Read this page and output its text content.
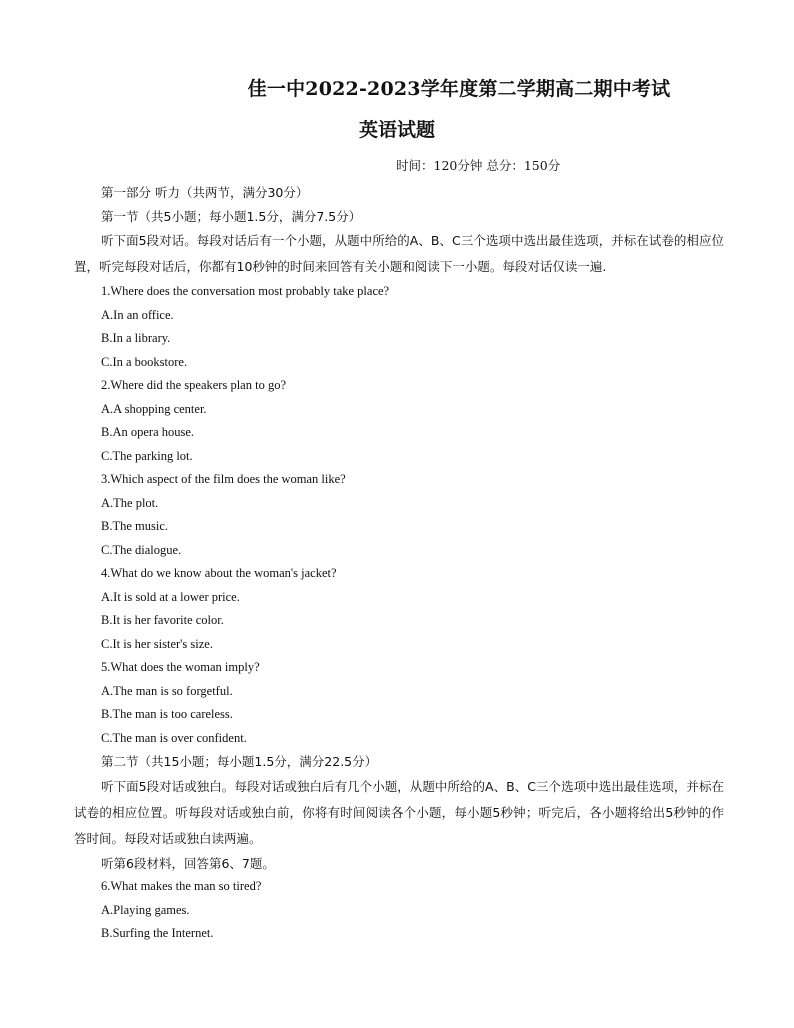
佳一中2022-2023学年度第二学期高二期中考试
英语试题
时间：120分钟 总分：150分
第一部分 听力（共两节，满分30分）
第一节（共5小题；每小题1.5分，满分7.5分）

听下面5段对话。每段对话后有一个小题，从题中所给的A、B、C三个选项中选出最佳选项，并标在试卷的相应位置，听完每段对话后，你都有10秒钟的时间来回答有关小题和阅读下一小题。每段对话仅读一遍.

1.Where does the conversation most probably take place?
A.In an office.
B.In a library.
C.In a bookstore.
2.Where did the speakers plan to go?
A.A shopping center.
B.An opera house.
C.The parking lot.
3.Which aspect of the film does the woman like?
A.The plot.
B.The music.
C.The dialogue.
4.What do we know about the woman's jacket?
A.It is sold at a lower price.
B.It is her favorite color.
C.It is her sister's size.
5.What does the woman imply?
A.The man is so forgetful.
B.The man is too careless.
C.The man is over confident.
第二节（共15小题；每小题1.5分，满分22.5分）

听下面5段对话或独白。每段对话或独白后有几个小题，从题中所给的A、B、C三个选项中选出最佳选项，并标在试卷的相应位置。听每段对话或独白前，你将有时间阅读各个小题，每小题5秒钟；听完后，各小题将给出5秒钟的作答时间。每段对话或独白读两遍。

听第6段材料，回答第6、7题。
6.What makes the man so tired?
A.Playing games.
B.Surfing the Internet.
